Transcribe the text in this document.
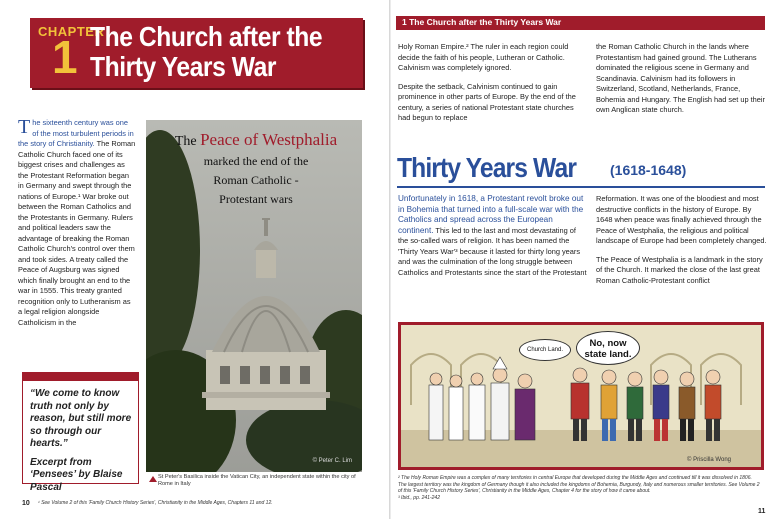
CHAPTER
1 The Church after the
Thirty Years War
The sixteenth century was one of the most turbulent periods in the story of Christianity. The Roman Catholic Church faced one of its biggest crises and challenges as the Protestant Reformation began in Germany and swept through the nations of Europe.¹ War broke out between the Roman Catholics and the Protestants in Germany. Rulers and political leaders saw the advantage of breaking the Roman Catholic Church's control over them and took sides. A treaty called the Peace of Augsburg was signed which finally brought an end to the war in 1555. This treaty granted recognition only to Lutheranism as a legal religion alongside Catholicism in the
The Peace of Westphalia
marked the end of the
Roman Catholic -
Protestant wars
© Peter C. Lim
St Peter's Basilica inside the Vatican City, an independent state within the city of Rome in Italy
“We come to know truth not only by reason, but still more so through our hearts.”
Excerpt from ‘Pensees’ by Blaise Pascal
10 ¹ See Volume 2 of this 'Family Church History Series', Christianity in the Middle Ages, Chapters 11 and 12.
1 The Church after the Thirty Years War

Holy Roman Empire.² The ruler in each region could decide the faith of his people, Lutheran or Catholic. Calvinism was completely ignored.

Despite the setback, Calvinism continued to gain prominence in other parts of Europe. By the end of the century, a series of national Protestant state churches had begun to replace

the Roman Catholic Church in the lands where Protestantism had gained ground. The Lutherans dominated the religious scene in Germany and Scandinavia. Calvinism had its followers in Switzerland, Scotland, Netherlands, France, Bohemia and Hungary. The English had set up their own Anglican state church.

Thirty Years War (1618-1648)
Unfortunately in 1618, a Protestant revolt broke out in Bohemia that turned into a full-scale war with the Catholics and spread across the European continent. This led to the last and most devastating of the so-called wars of religion. It has been named the 'Thirty Years War'³ because it lasted for thirty long years and was the culmination of the long struggle between Catholics and Protestants since the start of the Protestant

Reformation. It was one of the bloodiest and most destructive conflicts in the history of Europe. By 1648 when peace was finally achieved through the Peace of Westphalia, the religious and political landscape of Europe had been completely changed.

The Peace of Westphalia is a landmark in the story of the Church. It marked the close of the last great Roman Catholic-Protestant conflict

Church Land.
No, now
state land.
© Priscilla Wong
² The Holy Roman Empire was a complex of many territories in central Europe that developed during the Middle Ages and continued till it was dissolved in 1806. The largest territory was the kingdom of Germany though it also included the kingdoms of Bohemia, Burgundy, Italy and numerous smaller territories. See Volume 2 of this 'Family Church History Series', Christianity in the Middle Ages, Chapter 4 for the story of how it came about.
³ Ibid., pp. 241-242
11
